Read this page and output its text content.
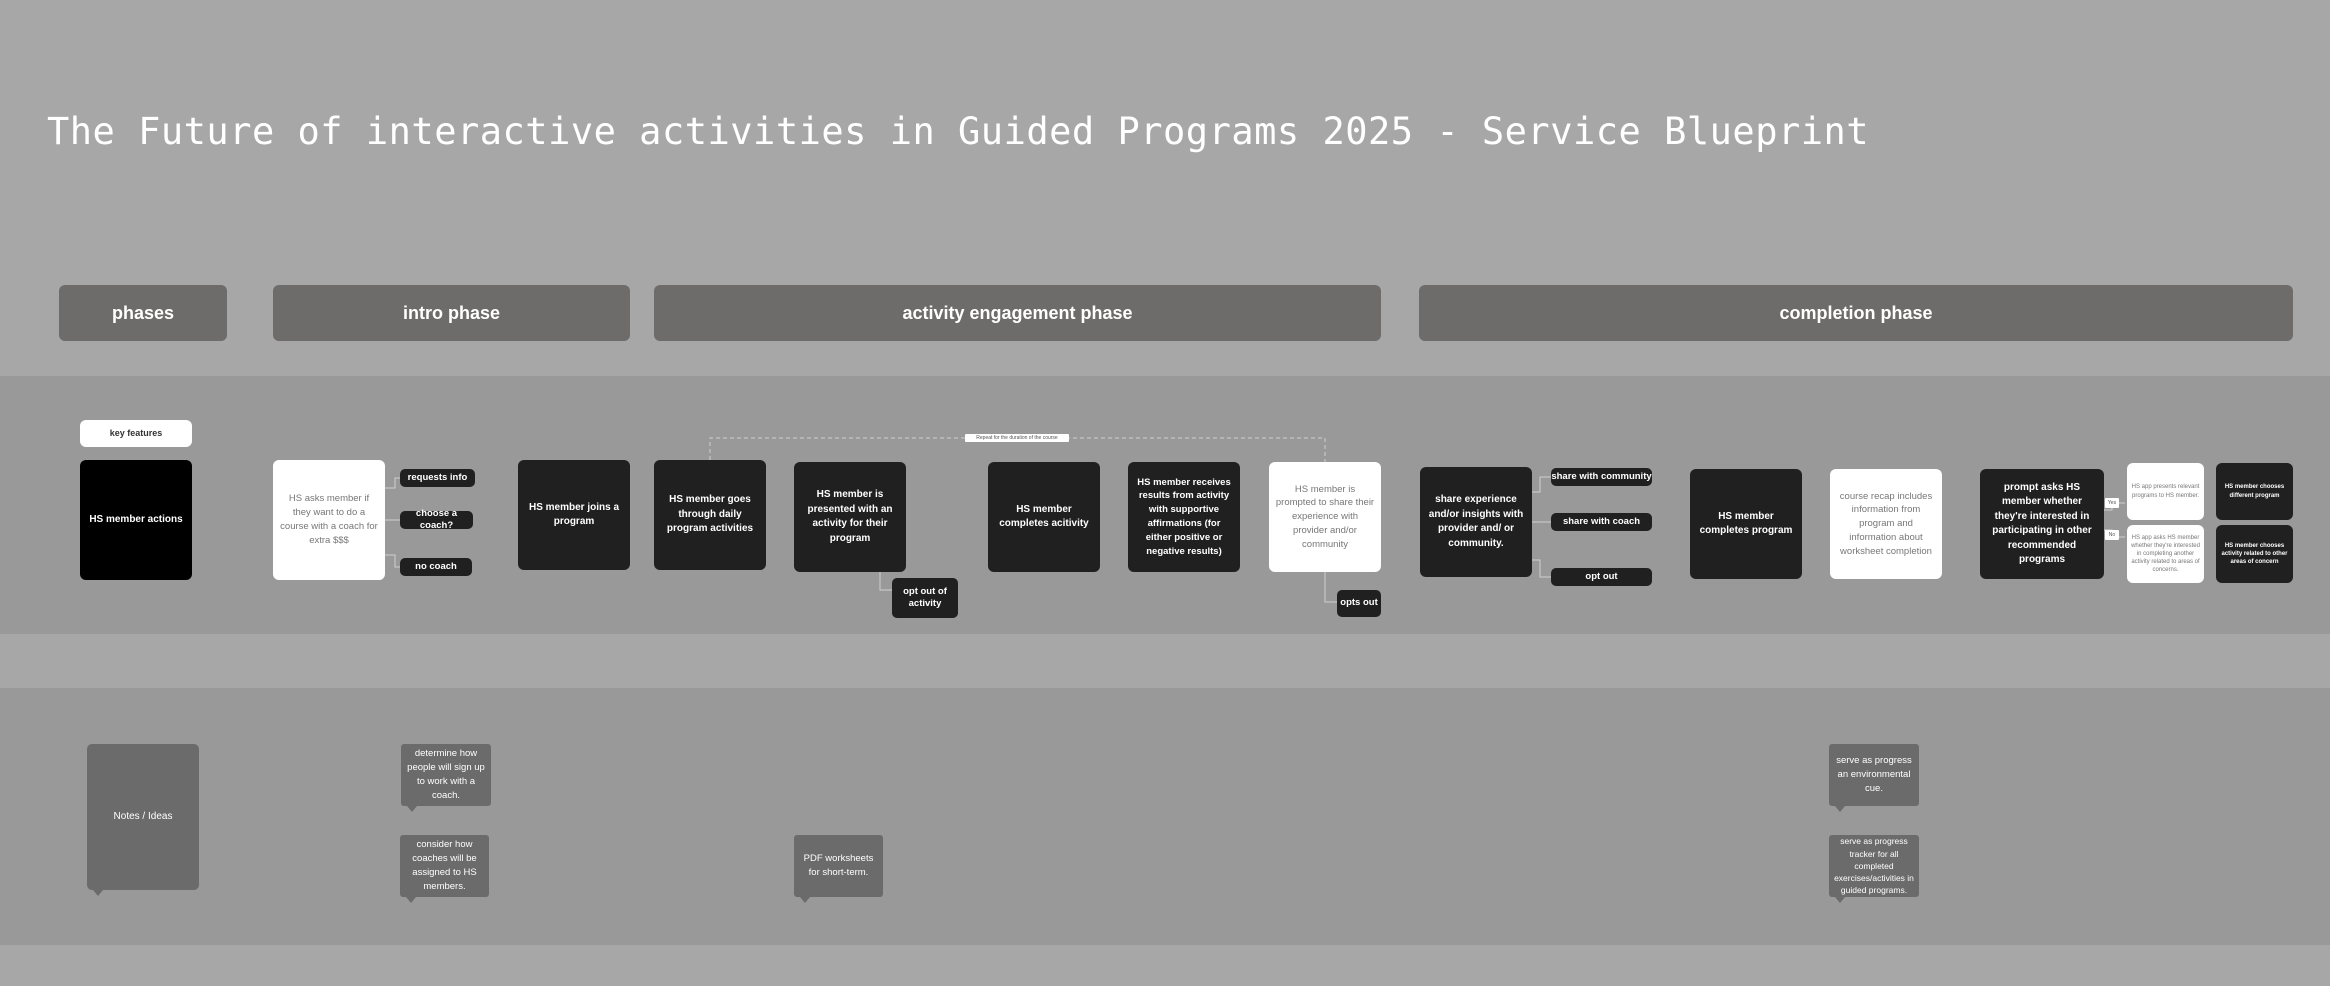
The Future of interactive activities in Guided Programs 2025 - Service Blueprint
phases	intro phase	activity engagement phase	completion phase
Repeat for the duration of the course
key features
HS member actions
HS asks member if they want to do a course with a coach for extra $$$
requests info
choose a coach?
no coach
HS member joins a program
HS member goes through daily program activities
HS member is presented with an activity for their program
opt out of activity
HS member completes acitivity
HS member receives results from activity with supportive affirmations (for either positive or negative results)
HS member is prompted to share their experience with provider and/or community
opts out
share experience and/or insights with provider and/ or community.
share with community
share with coach
opt out
HS member completes program
course recap includes information from program and information about worksheet completion
prompt asks HS member whether they're interested in participating in other recommended programs
Yes
No
HS app presents relevant programs to HS member.
HS app asks HS member whether they're interested in completing another activity related to areas of concerns.
HS member chooses different program
HS member chooses activity related to other areas of concern
Notes / Ideas
determine how people will sign up to work with a coach.
consider how coaches will be assigned to HS members.
PDF worksheets for short-term.
serve as progress an environmental cue.
serve as progress tracker for all completed exercises/activities in guided programs.
